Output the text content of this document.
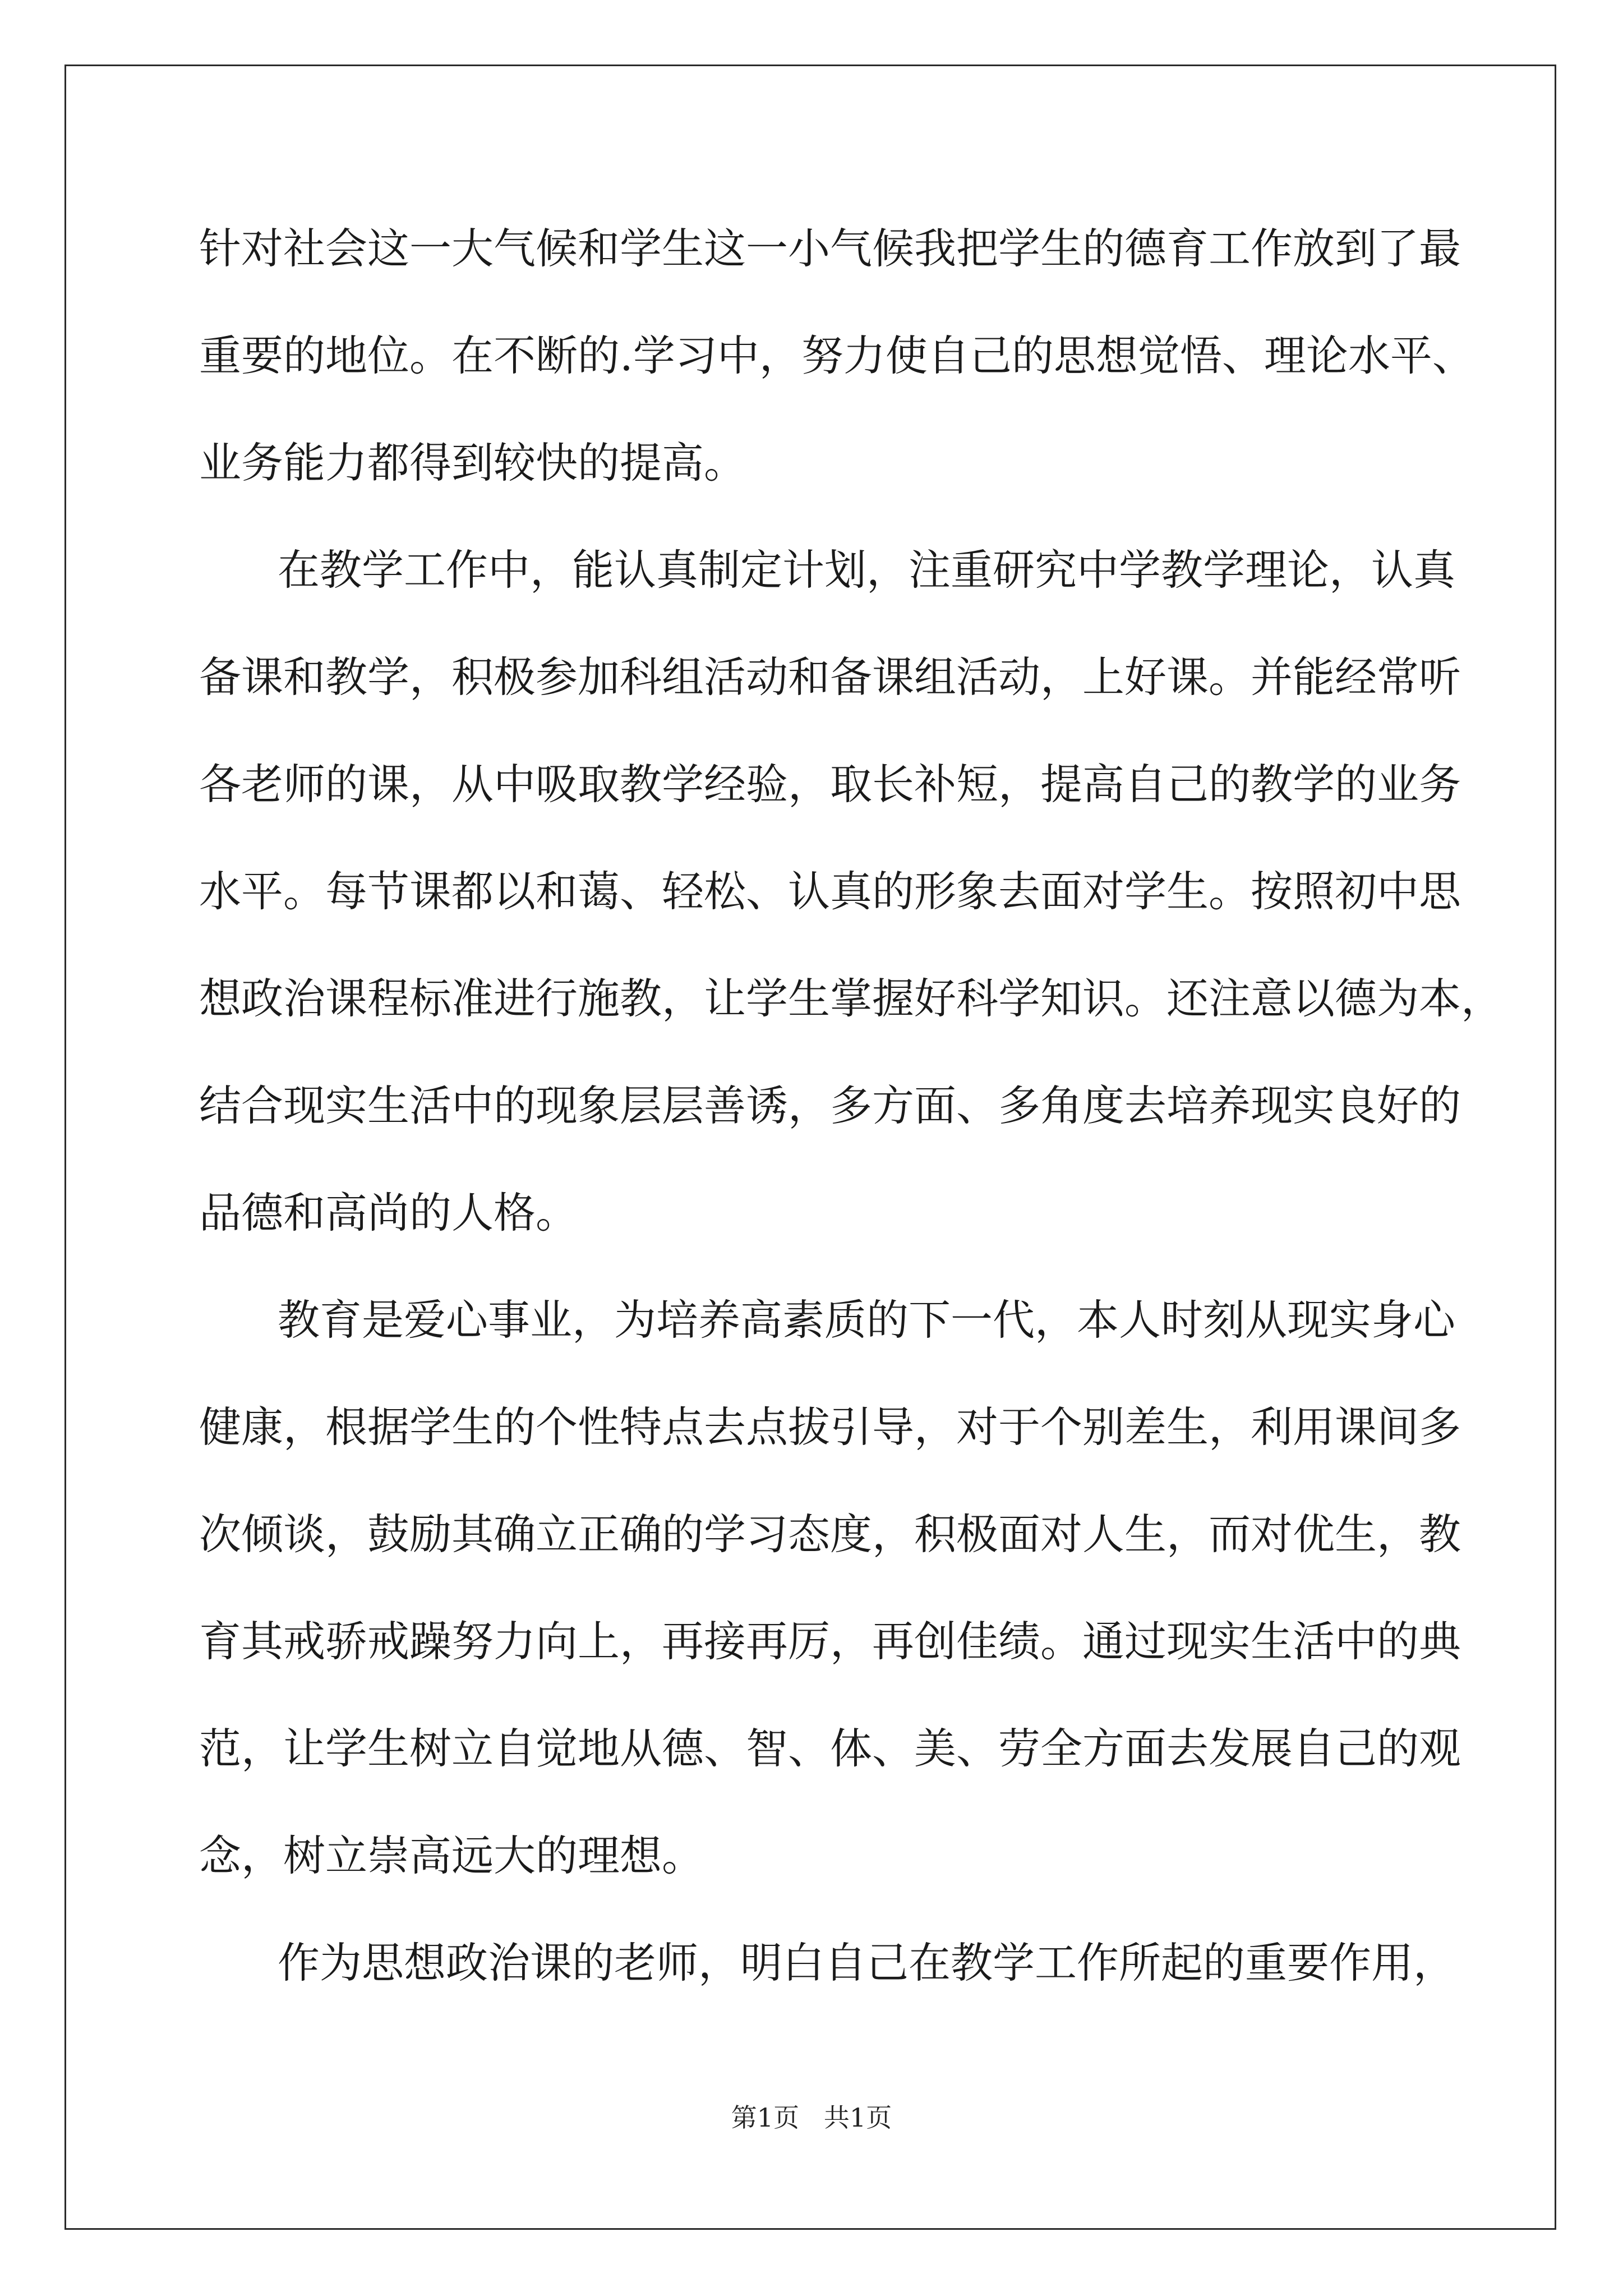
针对社会这一大气候和学生这一小气候我把学生的德育工作放到了最
重要的地位。在不断的.学习中，努力使自己的思想觉悟、理论水平、
业务能力都得到较快的提高。
在教学工作中，能认真制定计划，注重研究中学教学理论，认真
备课和教学，积极参加科组活动和备课组活动，上好课。并能经常听
各老师的课，从中吸取教学经验，取长补短，提高自己的教学的业务
水平。每节课都以和蔼、轻松、认真的形象去面对学生。按照初中思
想政治课程标准进行施教，让学生掌握好科学知识。还注意以德为本，
结合现实生活中的现象层层善诱，多方面、多角度去培养现实良好的
品德和高尚的人格。
教育是爱心事业，为培养高素质的下一代，本人时刻从现实身心
健康，根据学生的个性特点去点拔引导，对于个别差生，利用课间多
次倾谈，鼓励其确立正确的学习态度，积极面对人生，而对优生，教
育其戒骄戒躁努力向上，再接再厉，再创佳绩。通过现实生活中的典
范，让学生树立自觉地从德、智、体、美、劳全方面去发展自己的观
念，树立崇高远大的理想。
作为思想政治课的老师，明白自己在教学工作所起的重要作用，
第1页   共1页
